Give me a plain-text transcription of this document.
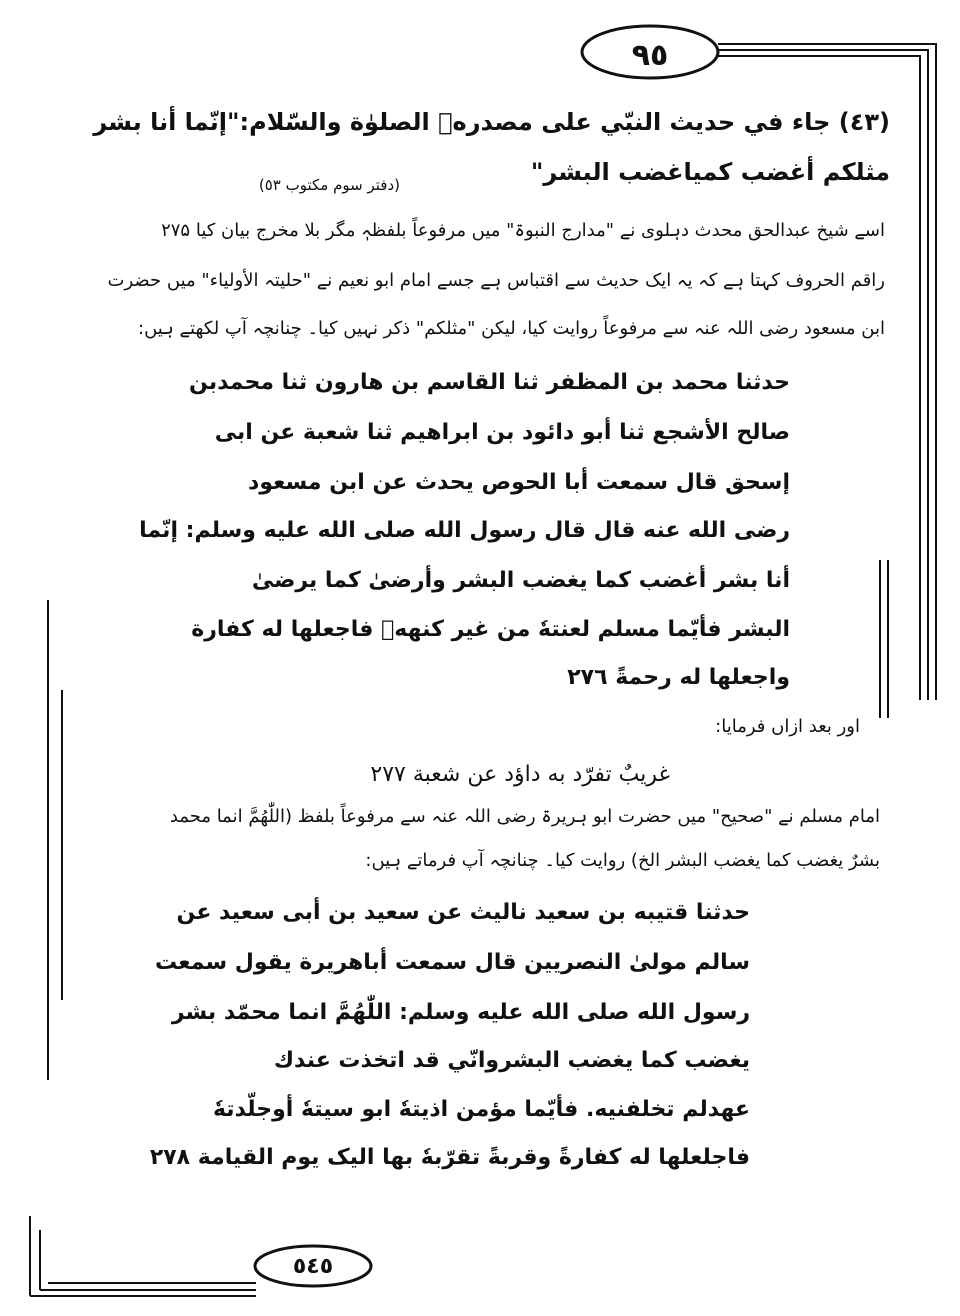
٩٥
٥٤٥
(٤٣) جاء في حديث النبّي على مصدرهٖ الصلوٰة والسّلام:"إنّما أنا بشر
مثلكم أغضب كمياغضب البشر"
(دفتر سوم مکتوب ٥٣)
اسے شیخ عبدالحق محدث دہلوی نے "مدارج النبوۃ" میں مرفوعاً بلفظہٖ مگر بلا مخرج بیان کیا ۲۷۵
راقم الحروف کہتا ہے کہ یہ ایک حدیث سے اقتباس ہے جسے امام ابو نعیم نے "حلیتہ الأولیاء" میں حضرت
ابن مسعود رضی اللہ عنہ سے مرفوعاً روایت کیا، لیکن "مثلکم" ذکر نہیں کیا۔ چنانچہ آپ لکھتے ہیں:
حدثنا محمد بن المظفر ثنا القاسم بن هارون ثنا محمدبن
صالح الأشجع ثنا أبو دائود بن ابراهيم ثنا شعبة عن ابى
إسحق قال سمعت أبا الحوص يحدث عن ابن مسعود
رضى الله عنه قال قال رسول الله صلى الله عليه وسلم: إنّما
أنا بشر أغضب كما يغضب البشر وأرضىٰ كما يرضىٰ
البشر فأيّما مسلم لعنتهٗ من غير كنههٖ فاجعلها له كفارة
واجعلها له رحمةً ۲۷٦
اور بعد ازاں فرمایا:
غريبٌ تفرّد به داؤد عن شعبة ۲۷۷
امام مسلم نے "صحیح" میں حضرت ابو ہریرۃ رضی اللہ عنہ سے مرفوعاً بلفظ (اللّٰهُمَّ انما محمد
بشرٌ يغضب كما يغضب البشر الخ) روایت کیا۔ چنانچہ آپ فرماتے ہیں:
حدثنا قتيبه بن سعيد ناليث عن سعيد بن أبى سعيد عن
سالم مولىٰ النصريين قال سمعت أباهريرة يقول سمعت
رسول الله صلى الله عليه وسلم: اللّٰهُمَّ انما محمّد بشر
يغضب كما يغضب البشروانّي قد اتخذت عندك
عهدلم تخلفنيه. فأيّما مؤمن اذيتهٗ ابو سيتهٗ أوجلّدتهٗ
فاجلعلها له كفارةً وقربةً تقرّبهٗ بها اليک يوم القيامة ۲۷۸
